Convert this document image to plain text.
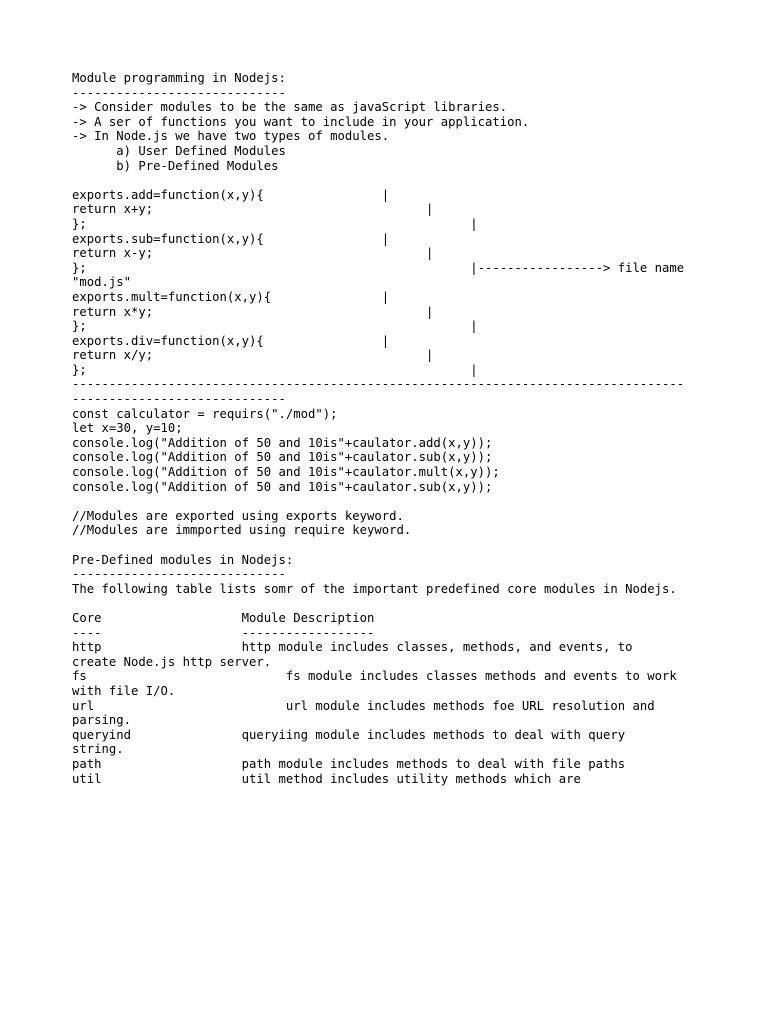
Module programming in Nodejs:
-----------------------------
-> Consider modules to be the same as javaScript libraries.
-> A ser of functions you want to include in your application.
-> In Node.js we have two types of modules.
a) User Defined Modules
b) Pre-Defined Modules
exports.add=function(x,y){                |
return x+y;                                     |
};                                                    |
exports.sub=function(x,y){                |
return x-y;                                     |
};                                                    |-----------------> file name
"mod.js"
exports.mult=function(x,y){               |
return x*y;                                     |
};                                                    |
exports.div=function(x,y){                |
return x/y;                                     |
};                                                    |
-----------------------------------------------------------------------------------
-----------------------------
const calculator = requirs("./mod");
let x=30, y=10;
console.log("Addition of 50 and 10is"+caulator.add(x,y));
console.log("Addition of 50 and 10is"+caulator.sub(x,y));
console.log("Addition of 50 and 10is"+caulator.mult(x,y));
console.log("Addition of 50 and 10is"+caulator.sub(x,y));
//Modules are exported using exports keyword.
//Modules are immported using require keyword.
Pre-Defined modules in Nodejs:
-----------------------------
The following table lists somr of the important predefined core modules in Nodejs.
Core                   Module Description
----                   ------------------
http                   http module includes classes, methods, and events, to
create Node.js http server.
fs                           fs module includes classes methods and events to work
with file I/O.
url                          url module includes methods foe URL resolution and
parsing.
queryind               queryiing module includes methods to deal with query
string.
path                   path module includes methods to deal with file paths
util                   util method includes utility methods which are
